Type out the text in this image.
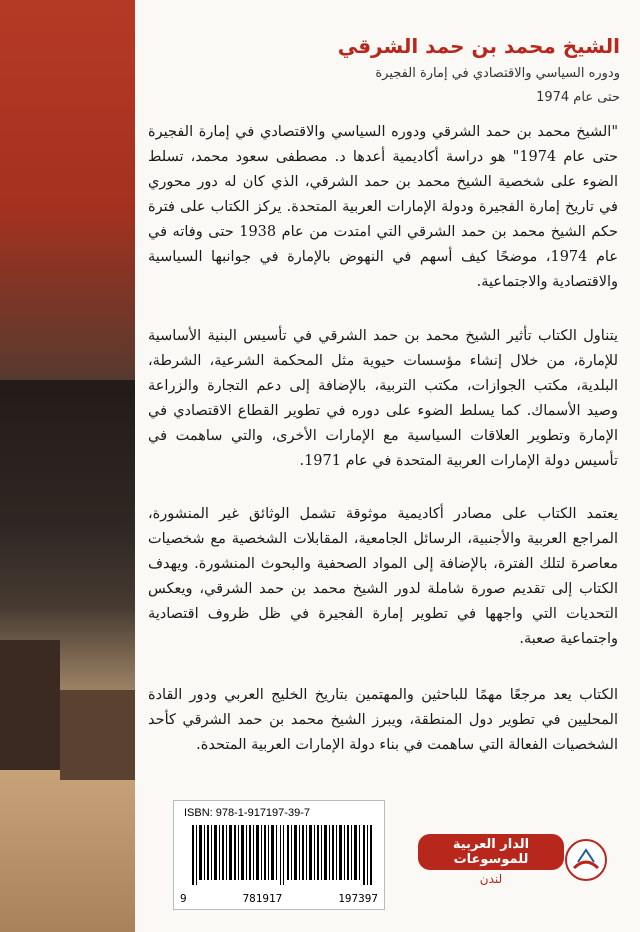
الشيخ محمد بن حمد الشرقي
ودوره السياسي والاقتصادي في إمارة الفجيرة
حتى عام 1974
"الشيخ محمد بن حمد الشرقي ودوره السياسي والاقتصادي في إمارة الفجيرة حتى عام 1974" هو دراسة أكاديمية أعدها د. مصطفى سعود محمد، تسلط الضوء على شخصية الشيخ محمد بن حمد الشرقي، الذي كان له دور محوري في تاريخ إمارة الفجيرة ودولة الإمارات العربية المتحدة. يركز الكتاب على فترة حكم الشيخ محمد بن حمد الشرقي التي امتدت من عام 1938 حتى وفاته في عام 1974، موضحًا كيف أسهم في النهوض بالإمارة في جوانبها السياسية والاقتصادية والاجتماعية.
يتناول الكتاب تأثير الشيخ محمد بن حمد الشرقي في تأسيس البنية الأساسية للإمارة، من خلال إنشاء مؤسسات حيوية مثل المحكمة الشرعية، الشرطة، البلدية، مكتب الجوازات، مكتب التربية، بالإضافة إلى دعم التجارة والزراعة وصيد الأسماك. كما يسلط الضوء على دوره في تطوير القطاع الاقتصادي في الإمارة وتطوير العلاقات السياسية مع الإمارات الأخرى، والتي ساهمت في تأسيس دولة الإمارات العربية المتحدة في عام 1971.
يعتمد الكتاب على مصادر أكاديمية موثوقة تشمل الوثائق غير المنشورة، المراجع العربية والأجنبية، الرسائل الجامعية، المقابلات الشخصية مع شخصيات معاصرة لتلك الفترة، بالإضافة إلى المواد الصحفية والبحوث المنشورة. ويهدف الكتاب إلى تقديم صورة شاملة لدور الشيخ محمد بن حمد الشرقي، ويعكس التحديات التي واجهها في تطوير إمارة الفجيرة في ظل ظروف اقتصادية واجتماعية صعبة.
الكتاب يعد مرجعًا مهمًا للباحثين والمهتمين بتاريخ الخليج العربي ودور القادة المحليين في تطوير دول المنطقة، ويبرز الشيخ محمد بن حمد الشرقي كأحد الشخصيات الفعالة التي ساهمت في بناء دولة الإمارات العربية المتحدة.
ISBN: 978-1-917197-39-7
9	781917	197397
الدار العربية للموسوعات
لندن
